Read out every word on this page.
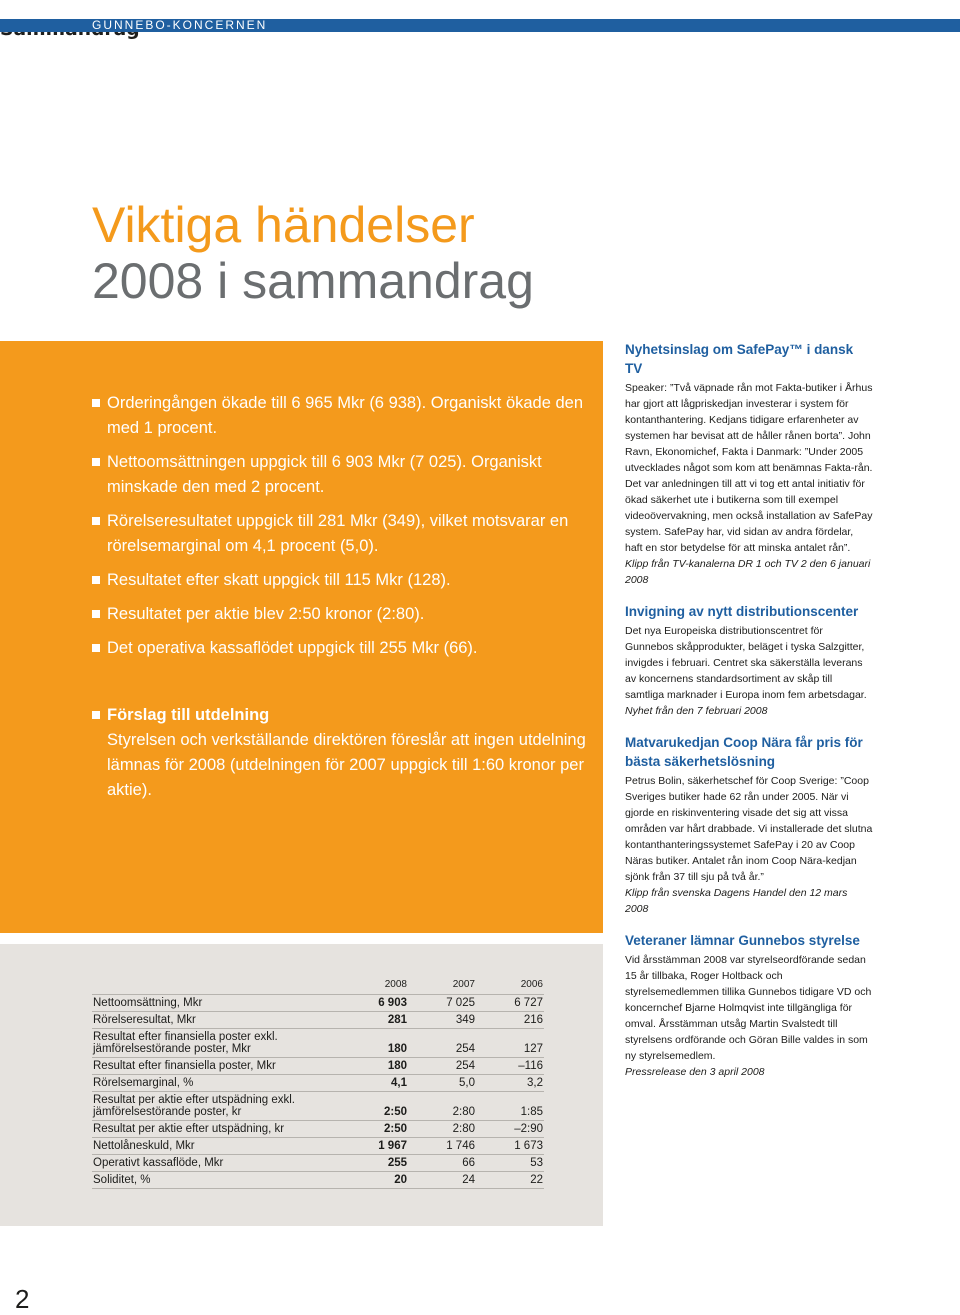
GUNNEBO-KONCERNEN
Viktiga händelser
2008 i sammandrag
Orderingången ökade till 6 965 Mkr (6 938). Organiskt ökade den med 1 procent.
Nettoomsättningen uppgick till 6 903 Mkr (7 025). Organiskt minskade den med 2 procent.
Rörelseresultatet uppgick till 281 Mkr (349), vilket motsvarar en rörelsemarginal om 4,1 procent (5,0).
Resultatet efter skatt uppgick till 115 Mkr (128).
Resultatet per aktie blev 2:50 kronor (2:80).
Det operativa kassaflödet uppgick till 255 Mkr (66).
Förslag till utdelning
Styrelsen och verkställande direktören föreslår att ingen utdelning lämnas för 2008 (utdelningen för 2007 uppgick till 1:60 kronor per aktie).
	2008	2007	2006
Nettoomsättning, Mkr	6 903	7 025	6 727
Rörelseresultat, Mkr	281	349	216
Resultat efter finansiella poster exkl. jämförelsestörande poster, Mkr	180	254	127
Resultat efter finansiella poster, Mkr	180	254	–116
Rörelsemarginal, %	4,1	5,0	3,2
Resultat per aktie efter utspädning exkl. jämförelsestörande poster, kr	2:50	2:80	1:85
Resultat per aktie efter utspädning, kr	2:50	2:80	–2:90
Nettolåneskuld, Mkr	1 967	1 746	1 673
Operativt kassaflöde, Mkr	255	66	53
Soliditet, %	20	24	22
Nyhetsinslag om SafePay™ i dansk TV

Speaker: ”Två väpnade rån mot Fakta-butiker i Århus har gjort att lågpriskedjan investerar i system för kontanthantering. Kedjans tidigare erfarenheter av systemen har bevisat att de håller rånen borta”. John Ravn, Ekonomichef, Fakta i Danmark: ”Under 2005 utvecklades något som kom att benämnas Fakta-rån. Det var anledningen till att vi tog ett antal initiativ för ökad säkerhet ute i butikerna som till exempel videoövervakning, men också installation av SafePay system. SafePay har, vid sidan av andra fördelar, haft en stor betydelse för att minska antalet rån”.

Klipp från TV-kanalerna DR 1 och TV 2 den 6 januari 2008

Invigning av nytt distributionscenter

Det nya Europeiska distributionscentret för Gunnebos skåpprodukter, beläget i tyska Salzgitter, invigdes i februari. Centret ska säkerställa leverans av koncernens standardsortiment av skåp till samtliga marknader i Europa inom fem arbetsdagar.

Nyhet från den 7 februari 2008

Matvarukedjan Coop Nära får pris för bästa säkerhetslösning

Petrus Bolin, säkerhetschef för Coop Sverige: ”Coop Sveriges butiker hade 62 rån under 2005. När vi gjorde en riskinventering visade det sig att vissa områden var hårt drabbade. Vi installerade det slutna kontanthanteringssystemet SafePay i 20 av Coop Näras butiker. Antalet rån inom Coop Nära-kedjan sjönk från 37 till sju på två år.”

Klipp från svenska Dagens Handel den 12 mars 2008

Veteraner lämnar Gunnebos styrelse

Vid årsstämman 2008 var styrelseordförande sedan 15 år tillbaka, Roger Holtback och styrelsemedlemmen tillika Gunnebos tidigare VD och koncernchef Bjarne Holmqvist inte tillgängliga för omval. Årsstämman utsåg Martin Svalstedt till styrelsens ordförande och Göran Bille valdes in som ny styrelsemedlem.

Pressrelease den 3 april 2008

2
